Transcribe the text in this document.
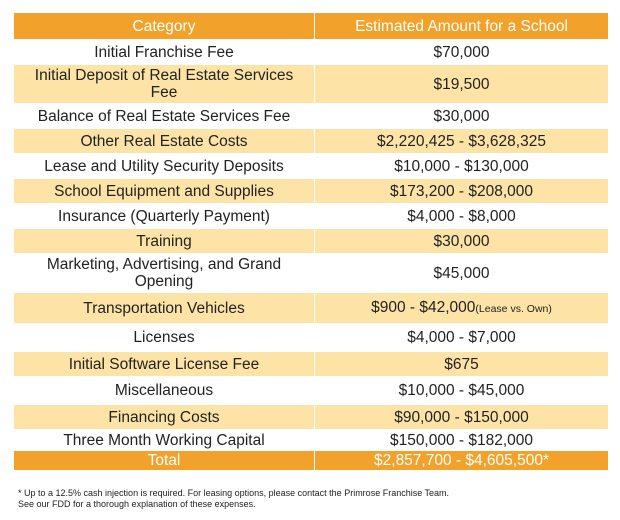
Category	Estimated Amount for a School
Initial Franchise Fee	$70,000
Initial Deposit of Real Estate Services Fee	$19,500
Balance of Real Estate Services Fee	$30,000
Other Real Estate Costs	$2,220,425 - $3,628,325
Lease and Utility Security Deposits	$10,000 - $130,000
School Equipment and Supplies	$173,200 - $208,000
Insurance (Quarterly Payment)	$4,000 - $8,000
Training	$30,000
Marketing, Advertising, and Grand Opening	$45,000
Transportation Vehicles	$900 - $42,000(Lease vs. Own)
Licenses	$4,000 - $7,000
Initial Software License Fee	$675
Miscellaneous	$10,000 - $45,000
Financing Costs	$90,000 - $150,000
Three Month Working Capital	$150,000 - $182,000
Total	$2,857,700 - $4,605,500*
* Up to a 12.5% cash injection is required. For leasing options, please contact the Primrose Franchise Team.
See our FDD for a thorough explanation of these expenses.
